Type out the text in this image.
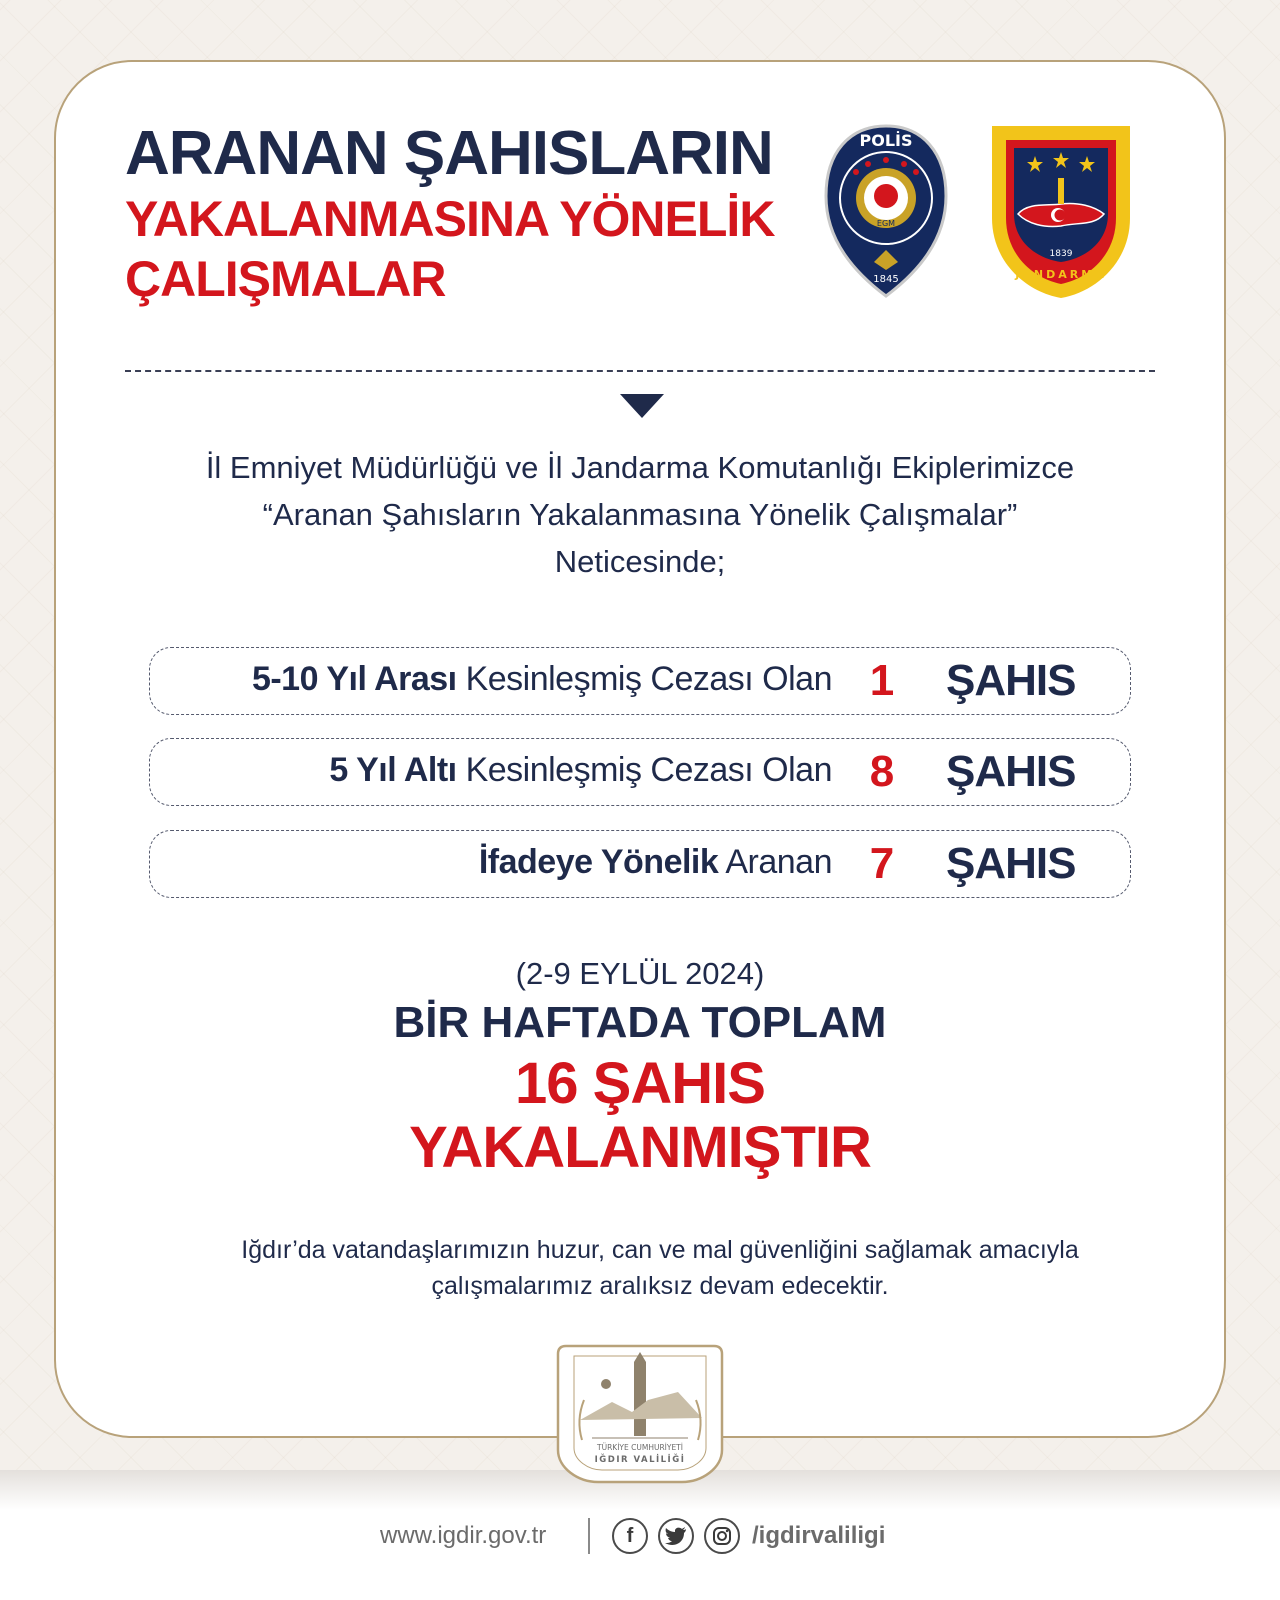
ARANAN ŞAHISLARIN
YAKALANMASINA YÖNELİK
ÇALIŞMALAR
POLİS
EGM
1845
1839
JANDARMA

İl Emniyet Müdürlüğü ve İl Jandarma Komutanlığı Ekiplerimizce

“Aranan Şahısların Yakalanmasına Yönelik Çalışmalar”

Neticesinde;

5-10 Yıl Arası Kesinleşmiş Cezası Olan 1	ŞAHIS
5 Yıl Altı Kesinleşmiş Cezası Olan 8	ŞAHIS
İfadeye Yönelik Aranan 7	ŞAHIS

(2-9 EYLÜL 2024)

BİR HAFTADA TOPLAM

16 ŞAHIS

YAKALANMIŞTIR

Iğdır’da vatandaşlarımızın huzur, can ve mal güvenliğini sağlamak amacıyla

çalışmalarımız aralıksız devam edecektir.

TÜRKİYE CUMHURİYETİ
IĞDIR VALİLİĞİ
www.igdir.gov.tr	f	/igdirvaliligi
